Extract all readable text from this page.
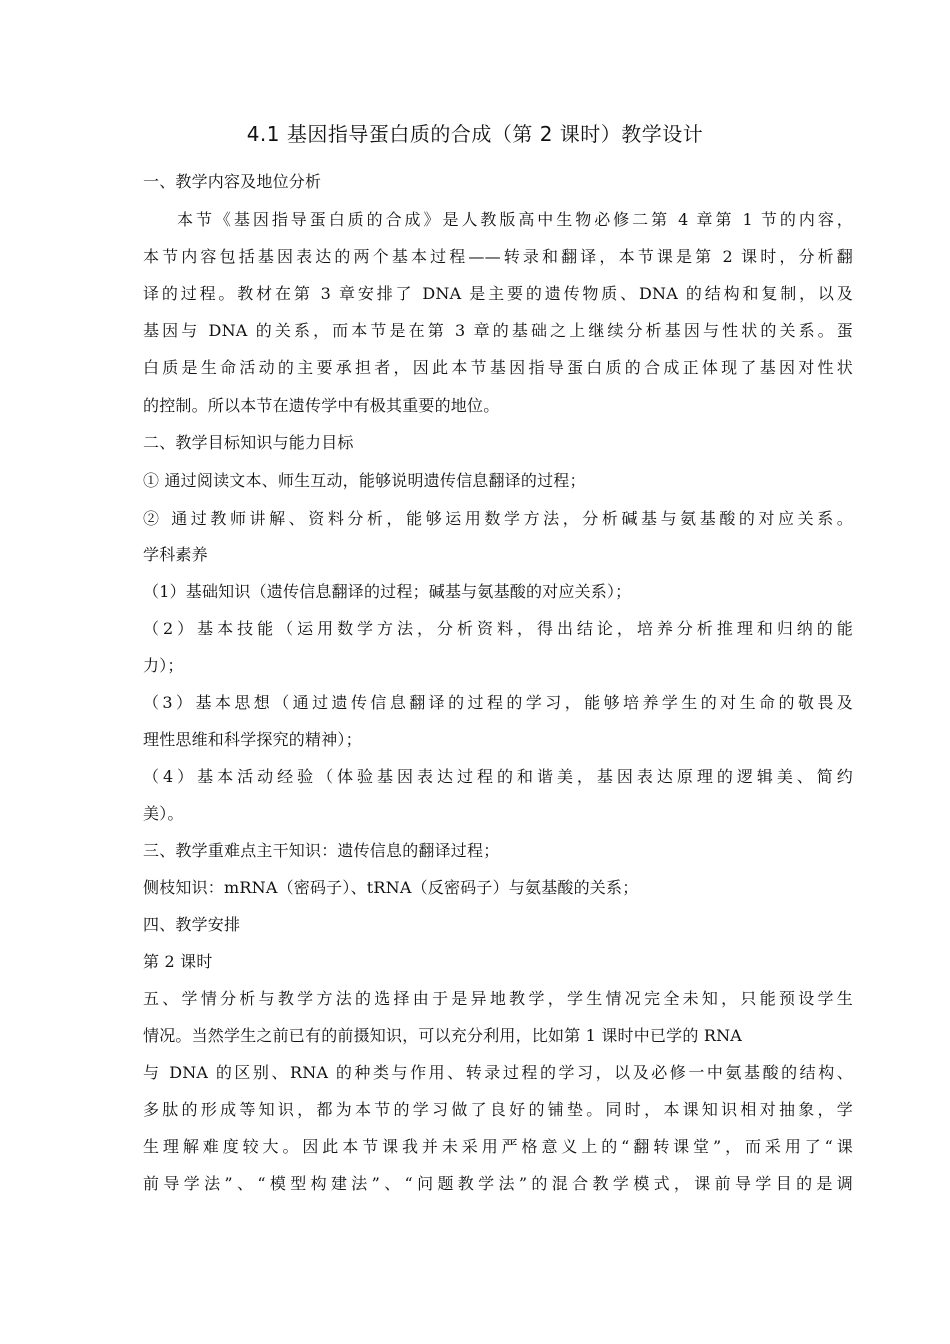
4.1 基因指导蛋白质的合成（第 2 课时）教学设计
一、教学内容及地位分析
本节《基因指导蛋白质的合成》是人教版高中生物必修二第 4 章第 1 节的内容，
本节内容包括基因表达的两个基本过程——转录和翻译，本节课是第 2 课时，分析翻
译的过程。教材在第 3 章安排了 DNA 是主要的遗传物质、DNA 的结构和复制，以及
基因与 DNA 的关系，而本节是在第 3 章的基础之上继续分析基因与性状的关系。蛋
白质是生命活动的主要承担者，因此本节基因指导蛋白质的合成正体现了基因对性状
的控制。所以本节在遗传学中有极其重要的地位。
二、教学目标知识与能力目标
① 通过阅读文本、师生互动，能够说明遗传信息翻译的过程；
② 通过教师讲解、资料分析，能够运用数学方法，分析碱基与氨基酸的对应关系。
学科素养
（1）基础知识（遗传信息翻译的过程；碱基与氨基酸的对应关系）；
（2）基本技能（运用数学方法，分析资料，得出结论，培养分析推理和归纳的能
力）；
（3）基本思想（通过遗传信息翻译的过程的学习，能够培养学生的对生命的敬畏及
理性思维和科学探究的精神）；
（4）基本活动经验（体验基因表达过程的和谐美，基因表达原理的逻辑美、简约
美）。
三、教学重难点主干知识：遗传信息的翻译过程；
侧枝知识：mRNA（密码子）、tRNA（反密码子）与氨基酸的关系；
四、教学安排
第 2 课时
五、学情分析与教学方法的选择由于是异地教学，学生情况完全未知，只能预设学生
情况。当然学生之前已有的前摄知识，可以充分利用，比如第 1 课时中已学的 RNA
与 DNA 的区别、RNA 的种类与作用、转录过程的学习，以及必修一中氨基酸的结构、
多肽的形成等知识，都为本节的学习做了良好的铺垫。同时，本课知识相对抽象，学
生理解难度较大。因此本节课我并未采用严格意义上的“翻转课堂”，而采用了“课
前导学法”、“模型构建法”、“问题教学法”的混合教学模式，课前导学目的是调
